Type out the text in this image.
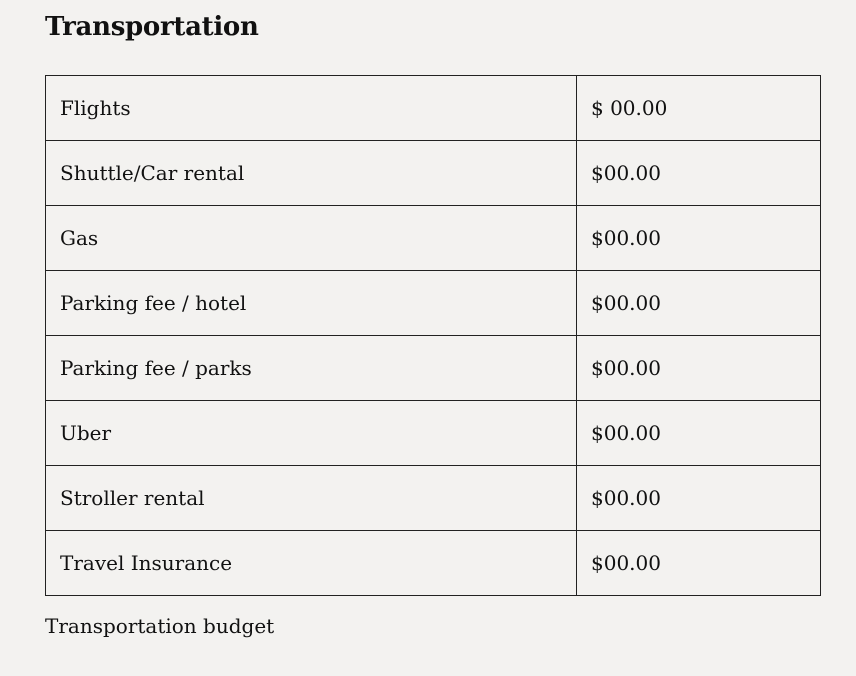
Transportation
Flights	$ 00.00
Shuttle/Car rental	$00.00
Gas	$00.00
Parking fee / hotel	$00.00
Parking fee / parks	$00.00
Uber	$00.00
Stroller rental	$00.00
Travel Insurance	$00.00
Transportation budget
